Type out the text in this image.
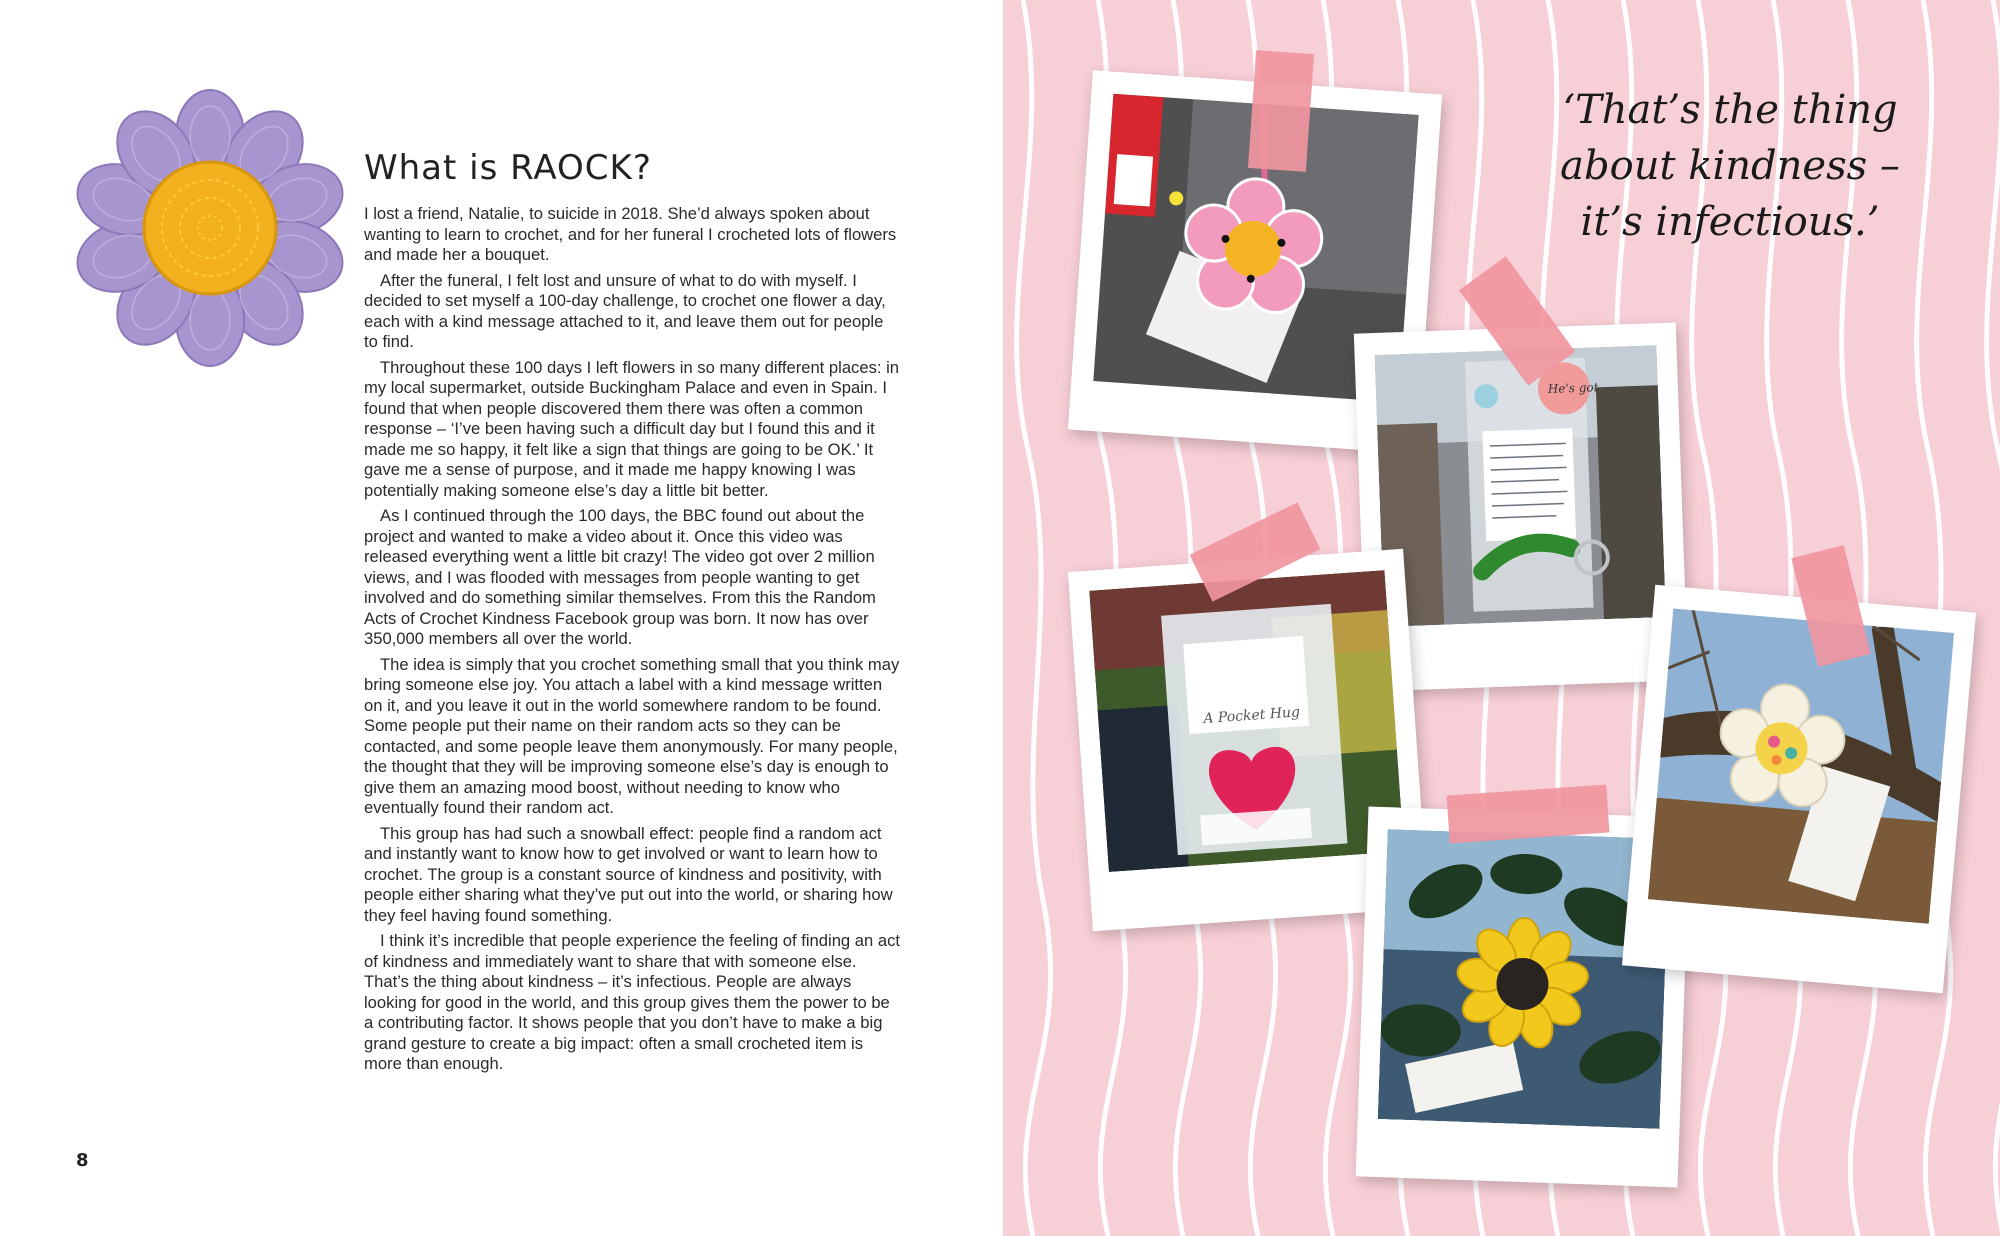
What is RAOCK?

I lost a friend, Natalie, to suicide in 2018. She’d always spoken about wanting to learn to crochet, and for her funeral I crocheted lots of flowers and made her a bouquet.

After the funeral, I felt lost and unsure of what to do with myself. I decided to set myself a 100-day challenge, to crochet one flower a day, each with a kind message attached to it, and leave them out for people to find.

Throughout these 100 days I left flowers in so many different places: in my local supermarket, outside Buckingham Palace and even in Spain. I found that when people discovered them there was often a common response – ‘I’ve been having such a difficult day but I found this and it made me so happy, it felt like a sign that things are going to be OK.’ It gave me a sense of purpose, and it made me happy knowing I was potentially making someone else’s day a little bit better.

As I continued through the 100 days, the BBC found out about the project and wanted to make a video about it. Once this video was released everything went a little bit crazy! The video got over 2 million views, and I was flooded with messages from people wanting to get involved and do something similar themselves. From this the Random Acts of Crochet Kindness Facebook group was born. It now has over 350,000 members all over the world.

The idea is simply that you crochet something small that you think may bring someone else joy. You attach a label with a kind message written on it, and you leave it out in the world somewhere random to be found. Some people put their name on their random acts so they can be contacted, and some people leave them anonymously. For many people, the thought that they will be improving someone else’s day is enough to give them an amazing mood boost, without needing to know who eventually found their random act.

This group has had such a snowball effect: people find a random act and instantly want to know how to get involved or want to learn how to crochet. The group is a constant source of kindness and positivity, with people either sharing what they’ve put out into the world, or sharing how they feel having found something.

I think it’s incredible that people experience the feeling of finding an act of kindness and immediately want to share that with someone else. That’s the thing about kindness – it’s infectious. People are always looking for good in the world, and this group gives them the power to be a contributing factor. It shows people that you don’t have to make a big grand gesture to create a big impact: often a small crocheted item is more than enough.

8
‘That’s the thing
about kindness –
it’s infectious.’
He's got
A Pocket Hug
